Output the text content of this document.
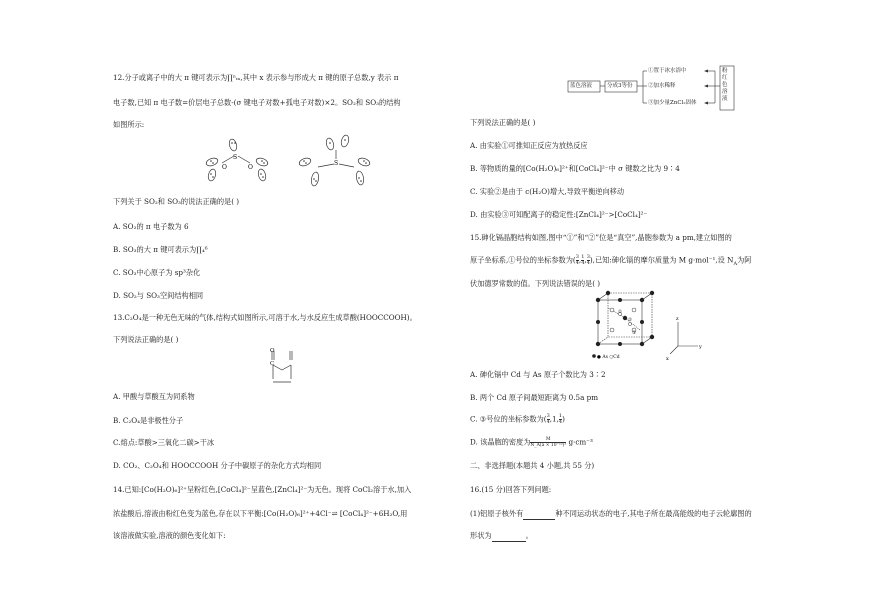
12.分子或离子中的大 π 键可表示为∏ⁿₘ,其中 x 表示参与形成大 π 键的原子总数,y 表示 π
电子数,已知 π 电子数=价层电子总数-(σ 键电子对数+孤电子对数)×2。SO₂和 SO₃的结构
如图所示:
S
O	O
S
下列关于 SO₂和 SO₃的说法正确的是( )
A. SO₂的 π 电子数为 6
B. SO₃的大 π 键可表示为∏₄⁶
C. SO₃中心原子为 sp³杂化
D. SO₂与 SO₃空间结构相同
13.C₂O₄是一种无色无味的气体,结构式如图所示,可溶于水,与水反应生成草酸(HOOCCOOH)。
下列说法正确的是( )
O
C
A. 甲酸与草酸互为同系物
B. C₂O₄是非极性分子
C.熔点:草酸>三氧化二碳>干冰
D. CO₂、C₂O₄和 HOOCCOOH 分子中碳原子的杂化方式均相同
14.已知:[Co(H₂O)₆]²⁺呈粉红色,[CoCl₄]²⁻呈蓝色,[ZnCl₄]²⁻为无色。现将 CoCl₂溶于水,加入
浓盐酸后,溶液由粉红色变为蓝色,存在以下平衡:[Co(H₂O)₆]²⁺+4Cl⁻⇌ [CoCl₄]²⁻+6H₂O,用
该溶液做实验,溶液的颜色变化如下:
蓝色溶液	分成3等份
①置于冰水浴中
②加水稀释
③加少量ZnCl₂固体
粉红色溶液
下列说法正确的是( )
A. 由实验①可推知正反应为放热反应
B. 等物质的量的[Co(H₂O)₆]²⁺和[CoCl₄]²⁻中 σ 键数之比为 9∶4
C. 实验②是由于 c(H₂O)增大,导致平衡逆向移动
D. 由实验③可知配离子的稳定性:[ZnCl₄]²⁻>[CoCl₄]²⁻
15.砷化镉晶胞结构如图,图中“①”和“②”位是“真空”,晶胞参数为 a pm,建立如图的
原子坐标系,①号位的坐标参数为( $\frac{3}{4}$ , $\frac{1}{4}$ , $\frac{3}{4}$ ),已知:砷化镉的摩尔质量为 M g·mol⁻¹,设 $N_A$为阿
伏加德罗常数的值。下列说法错误的是( )
①
②
③
● As ○Cd
z
y
x
A. 砷化镉中 Cd 与 As 原子个数比为 3∶2
B. 两个 Cd 原子间最短距离为 0.5a pm
C. ③号位的坐标参数为( $\frac{3}{4} ,1$, $\frac{1}{4}$ )
D. 该晶胞的密度为 $\frac{M}{\text{N\_A(a × 10⁻¹⁰)³}} g\cdot cm^{-3}$
二、非选择题(本题共 4 小题,共 55 分)
16.(15 分)回答下列问题:
(1)铝原子核外有	种不同运动状态的电子,其电子所在最高能级的电子云轮廓图的
形状为	。
